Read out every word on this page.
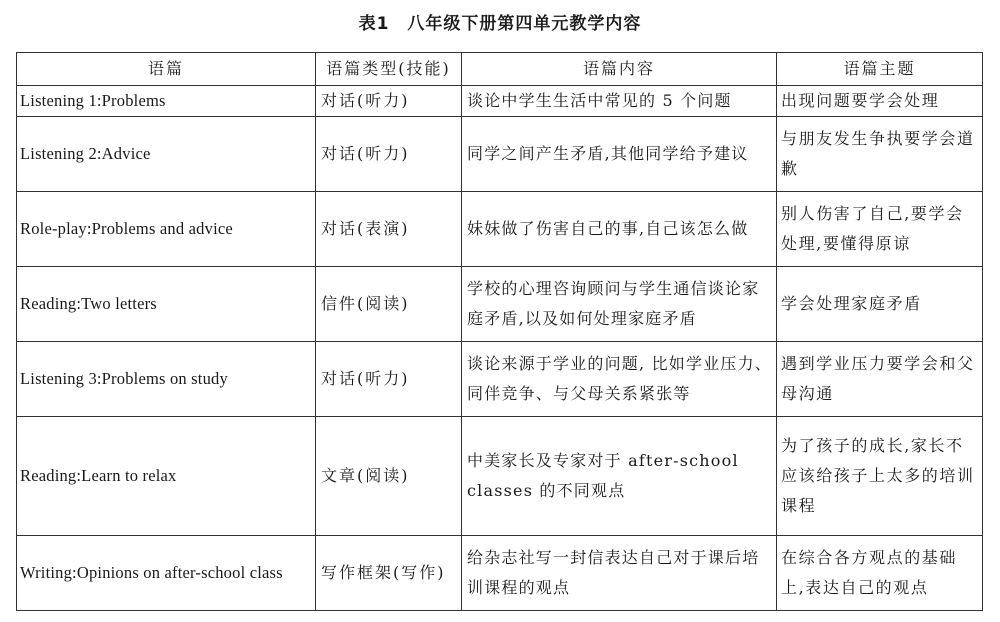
表1　八年级下册第四单元教学内容
语篇	语篇类型(技能)	语篇内容	语篇主题
Listening 1:Problems	对话(听力)	谈论中学生生活中常见的 5 个问题	出现问题要学会处理
Listening 2:Advice	对话(听力)	同学之间产生矛盾,其他同学给予建议	与朋友发生争执要学会道歉
Role-play:Problems and advice	对话(表演)	妹妹做了伤害自己的事,自己该怎么做	别人伤害了自己,要学会处理,要懂得原谅
Reading:Two letters	信件(阅读)	学校的心理咨询顾问与学生通信谈论家庭矛盾,以及如何处理家庭矛盾	学会处理家庭矛盾
Listening 3:Problems on study	对话(听力)	谈论来源于学业的问题, 比如学业压力、同伴竞争、与父母关系紧张等	遇到学业压力要学会和父母沟通
Reading:Learn to relax	文章(阅读)	中美家长及专家对于 after-school classes 的不同观点	为了孩子的成长,家长不应该给孩子上太多的培训课程
Writing:Opinions on after-school class	写作框架(写作)	给杂志社写一封信表达自己对于课后培训课程的观点	在综合各方观点的基础上,表达自己的观点
